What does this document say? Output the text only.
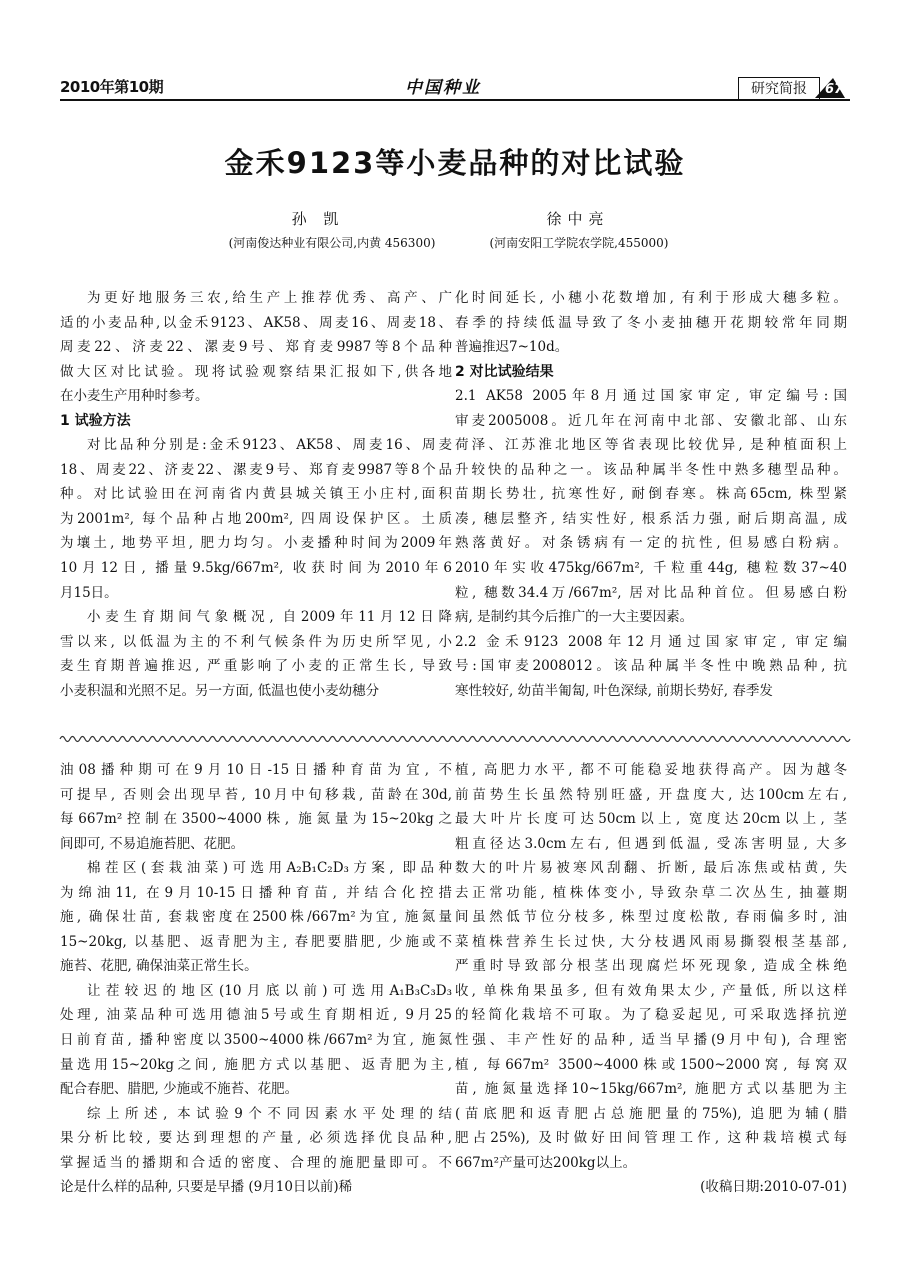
2010年第10期	中国种业	研究简报	67
金禾9123等小麦品种的对比试验
孙 凯	徐中亮
(河南俊达种业有限公司,内黄 456300)	(河南安阳工学院农学院,455000)
为更好地服务三农,给生产上推荐优秀、高产、广
适的小麦品种,以金禾9123、AK58、周麦16、周麦18、
周麦22、济麦22、漯麦9号、郑育麦9987等8个品种
做大区对比试验。现将试验观察结果汇报如下,供各地
在小麦生产用种时参考。
1 试验方法
对比品种分别是:金禾9123、AK58、周麦16、周麦
18、周麦22、济麦22、漯麦9号、郑育麦9987等8个品
种。对比试验田在河南省内黄县城关镇王小庄村,面积
为2001m², 每个品种占地200m², 四周设保护区。土质
为壤土, 地势平坦, 肥力均匀。小麦播种时间为2009年
10月12日, 播量9.5kg/667m², 收获时间为2010年6
月15日。
小麦生育期间气象概况, 自2009年11月12日降
雪以来, 以低温为主的不利气候条件为历史所罕见, 小
麦生育期普遍推迟, 严重影响了小麦的正常生长, 导致
小麦积温和光照不足。另一方面, 低温也使小麦幼穗分
化时间延长, 小穗小花数增加, 有利于形成大穗多粒。
春季的持续低温导致了冬小麦抽穗开花期较常年同期
普遍推迟7~10d。
2 对比试验结果
2.1 AK58 2005年8月通过国家审定, 审定编号:国
审麦2005008。近几年在河南中北部、安徽北部、山东
荷泽、江苏淮北地区等省表现比较优异, 是种植面积上
升较快的品种之一。该品种属半冬性中熟多穗型品种。
苗期长势壮, 抗寒性好, 耐倒春寒。株高65cm, 株型紧
凑, 穗层整齐, 结实性好, 根系活力强, 耐后期高温, 成
熟落黄好。对条锈病有一定的抗性, 但易感白粉病。
2010年实收475kg/667m², 千粒重44g, 穗粒数37~40
粒, 穗数34.4万/667m², 居对比品种首位。但易感白粉
病, 是制约其今后推广的一大主要因素。
2.2 金禾9123 2008年12月通过国家审定, 审定编
号:国审麦2008012。该品种属半冬性中晚熟品种, 抗
寒性较好, 幼苗半匍匐, 叶色深绿, 前期长势好, 春季发
油08播种期可在9月10日-15日播种育苗为宜, 不
可提早, 否则会出现早苔, 10月中旬移栽, 苗龄在30d,
每667m²控制在3500~4000株, 施氮量为15~20kg之
间即可, 不易追施苔肥、花肥。
棉茬区(套栽油菜)可选用A₂B₁C₂D₃方案, 即品种
为绵油11, 在9月10-15日播种育苗, 并结合化控措
施, 确保壮苗, 套栽密度在2500株/667m²为宜, 施氮量
15~20kg, 以基肥、返青肥为主, 春肥要腊肥, 少施或不
施苔、花肥, 确保油菜正常生长。
让茬较迟的地区(10月底以前)可选用A₁B₃C₃D₃
处理, 油菜品种可选用德油5号或生育期相近, 9月25
日前育苗, 播种密度以3500~4000株/667m²为宜, 施氮
量选用15~20kg之间, 施肥方式以基肥、返青肥为主,
配合春肥、腊肥, 少施或不施苔、花肥。
综上所述, 本试验9个不同因素水平处理的结
果分析比较, 要达到理想的产量, 必须选择优良品种,
掌握适当的播期和合适的密度、合理的施肥量即可。不
论是什么样的品种, 只要是早播 (9月10日以前)稀
植, 高肥力水平, 都不可能稳妥地获得高产。因为越冬
前苗势生长虽然特别旺盛, 开盘度大, 达100cm左右,
最大叶片长度可达50cm以上, 宽度达20cm以上, 茎
粗直径达3.0cm左右, 但遇到低温, 受冻害明显, 大多
数大的叶片易被寒风刮翻、折断, 最后冻焦或枯黄, 失
去正常功能, 植株体变小, 导致杂草二次丛生, 抽薹期
间虽然低节位分枝多, 株型过度松散, 春雨偏多时, 油
菜植株营养生长过快, 大分枝遇风雨易撕裂根茎基部,
严重时导致部分根茎出现腐烂坏死现象, 造成全株绝
收, 单株角果虽多, 但有效角果太少, 产量低, 所以这样
的轻简化栽培不可取。为了稳妥起见, 可采取选择抗逆
性强、丰产性好的品种, 适当早播(9月中旬), 合理密
植, 每667m² 3500~4000株或1500~2000窝, 每窝双
苗, 施氮量选择10~15kg/667m², 施肥方式以基肥为主
(苗底肥和返青肥占总施肥量的75%), 追肥为辅(腊
肥占25%), 及时做好田间管理工作, 这种栽培模式每
667m²产量可达200kg以上。
(收稿日期:2010-07-01)
